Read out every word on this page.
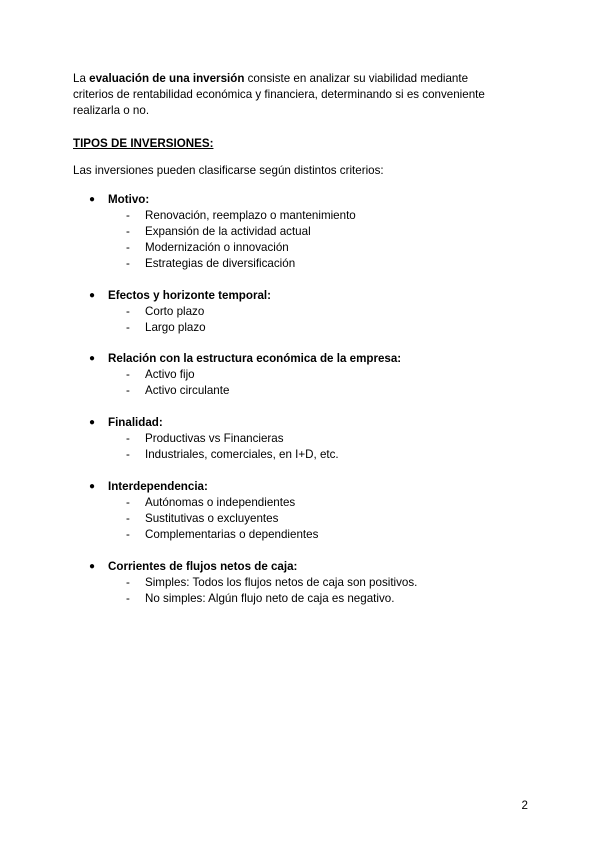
La evaluación de una inversión consiste en analizar su viabilidad mediante
criterios de rentabilidad económica y financiera, determinando si es conveniente
realizarla o no.

TIPOS DE INVERSIONES:

Las inversiones pueden clasificarse según distintos criterios:

● Motivo:
- Renovación, reemplazo o mantenimiento
- Expansión de la actividad actual
- Modernización o innovación
- Estrategias de diversificación
● Efectos y horizonte temporal:
- Corto plazo
- Largo plazo
● Relación con la estructura económica de la empresa:
- Activo fijo
- Activo circulante
● Finalidad:
- Productivas vs Financieras
- Industriales, comerciales, en I+D, etc.
● Interdependencia:
- Autónomas o independientes
- Sustitutivas o excluyentes
- Complementarias o dependientes
● Corrientes de flujos netos de caja:
- Simples: Todos los flujos netos de caja son positivos.
- No simples: Algún flujo neto de caja es negativo.
2
